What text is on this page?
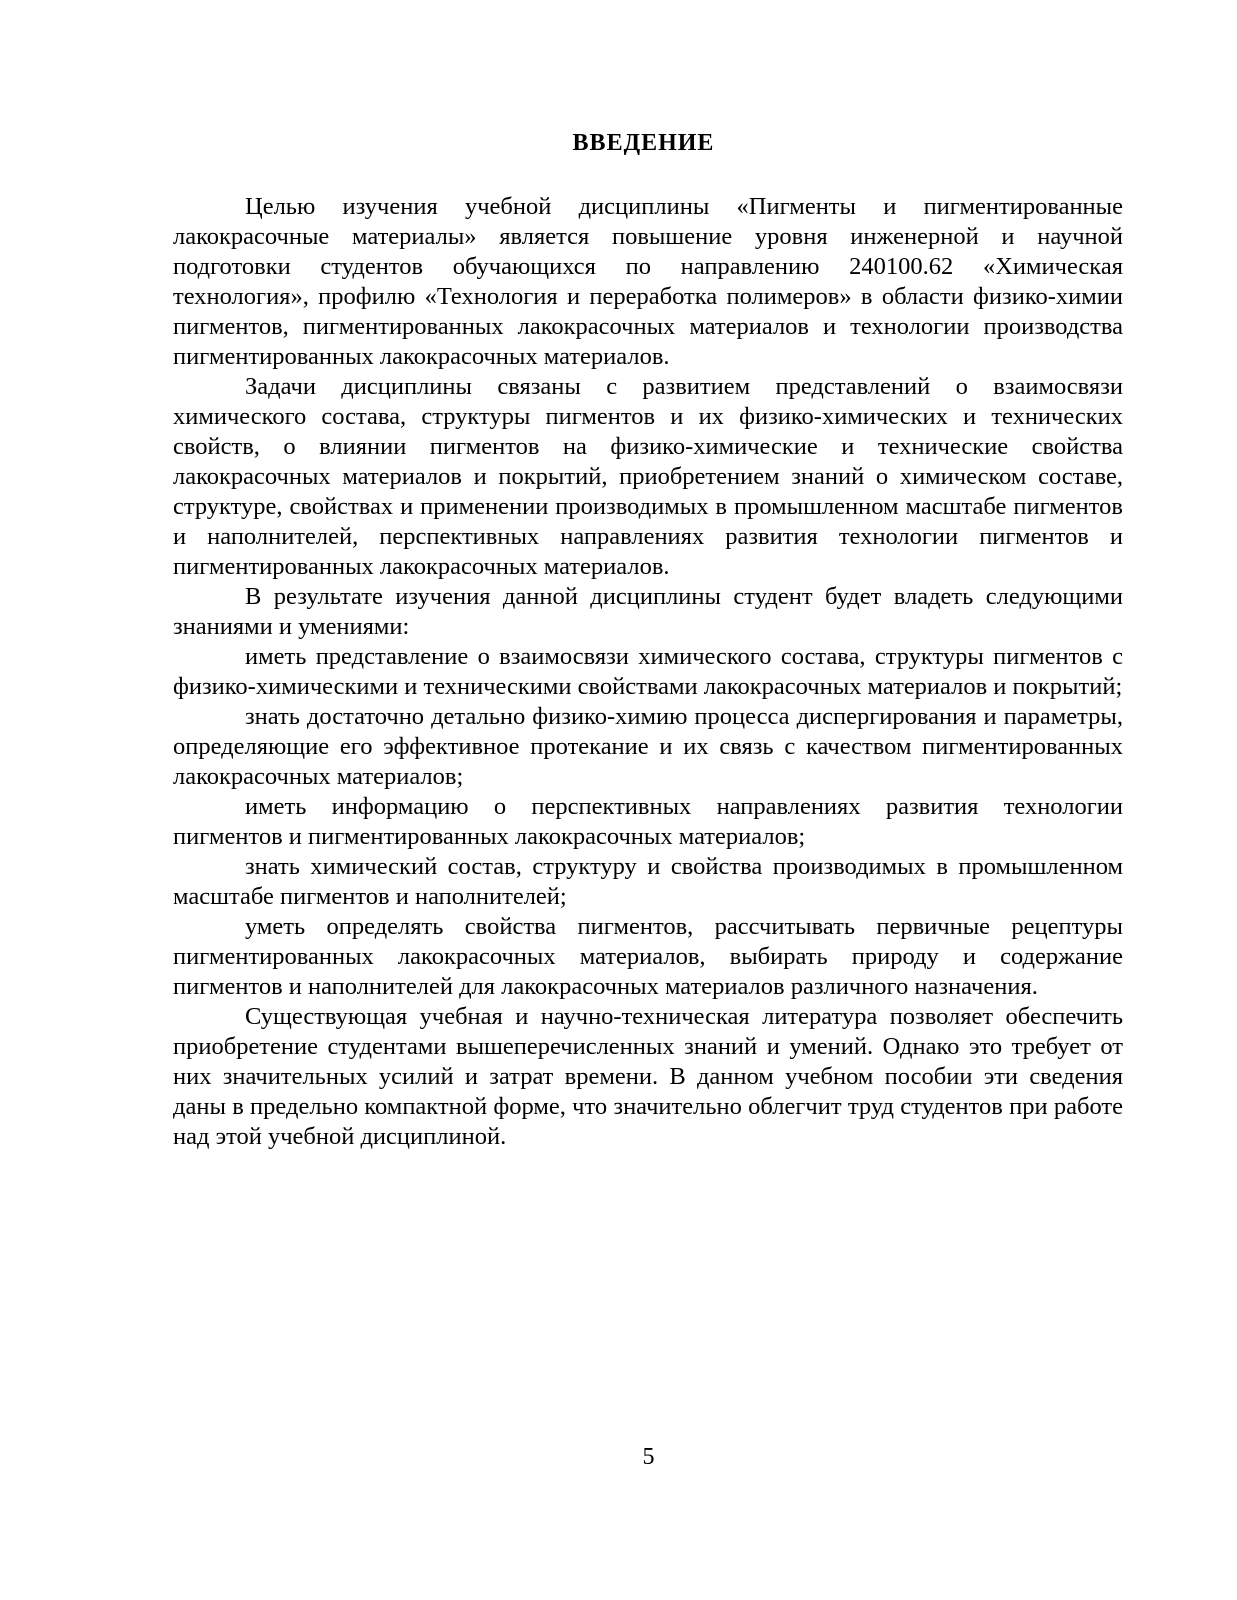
ВВЕДЕНИЕ

Целью изучения учебной дисциплины «Пигменты и пигментированные лакокрасочные материалы» является повышение уровня инженерной и научной подготовки студентов обучающихся по направлению 240100.62 «Химическая технология», профилю «Технология и переработка полимеров» в области физико-химии пигментов, пигментированных лакокрасочных материалов и технологии производства пигментированных лакокрасочных материалов.

Задачи дисциплины связаны с развитием представлений о взаимосвязи химического состава, структуры пигментов и их физико-химических и технических свойств, о влиянии пигментов на физико-химические и технические свойства лакокрасочных материалов и покрытий, приобретением знаний о химическом составе, структуре, свойствах и применении производимых в промышленном масштабе пигментов и наполнителей, перспективных направлениях развития технологии пигментов и пигментированных лакокрасочных материалов.

В результате изучения данной дисциплины студент будет владеть следующими знаниями и умениями:

иметь представление о взаимосвязи химического состава, структуры пигментов с физико-химическими и техническими свойствами лакокрасочных материалов и покрытий;

знать достаточно детально физико-химию процесса диспергирования и параметры, определяющие его эффективное протекание и их связь с качеством пигментированных лакокрасочных материалов;

иметь информацию о перспективных направлениях развития технологии пигментов и пигментированных лакокрасочных материалов;

знать химический состав, структуру и свойства производимых в промышленном масштабе пигментов и наполнителей;

уметь определять свойства пигментов, рассчитывать первичные рецептуры пигментированных лакокрасочных материалов, выбирать природу и содержание пигментов и наполнителей для лакокрасочных материалов различного назначения.

Существующая учебная и научно-техническая литература позволяет обеспечить приобретение студентами вышеперечисленных знаний и умений. Однако это требует от них значительных усилий и затрат времени. В данном учебном пособии эти сведения даны в предельно компактной форме, что значительно облегчит труд студентов при работе над этой учебной дисциплиной.

5
